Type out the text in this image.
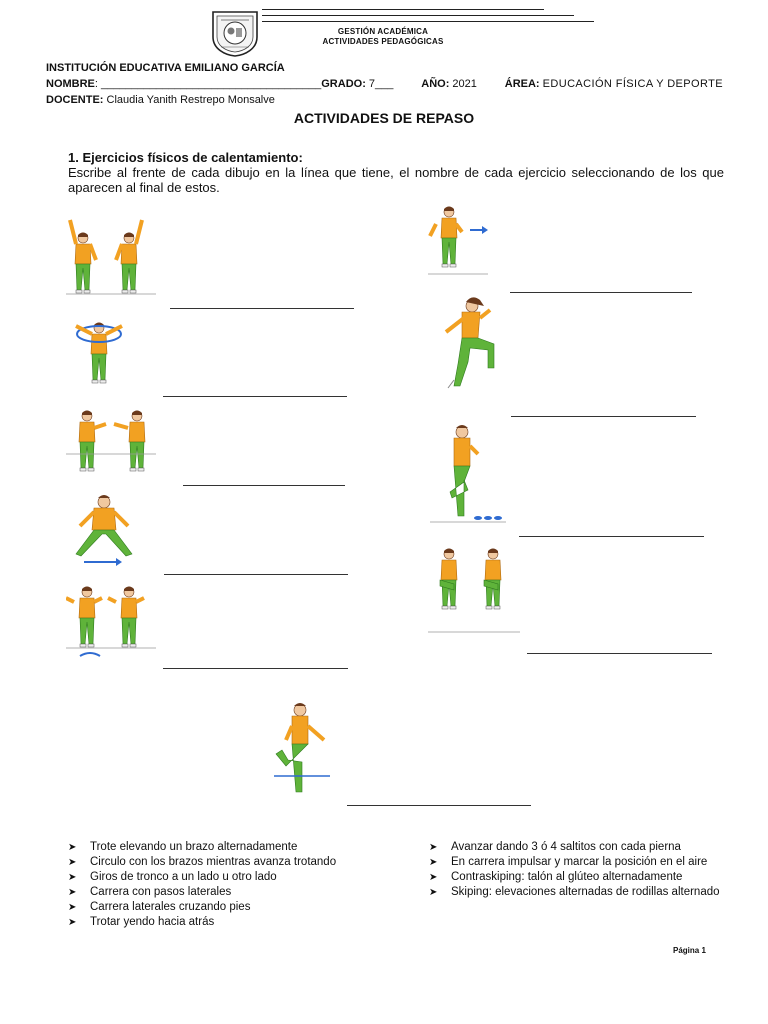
GESTIÓN ACADÉMICA
ACTIVIDADES PEDAGÓGICAS
INSTITUCIÓN EDUCATIVA EMILIANO GARCÍA
NOMBRE: ____________________________________GRADO: 7___	AÑO: 2021	ÁREA: EDUCACIÓN FÍSICA Y DEPORTE
DOCENTE: Claudia Yanith Restrepo Monsalve
ACTIVIDADES DE REPASO
1. Ejercicios físicos de calentamiento:
Escribe al frente de cada dibujo en la línea que tiene, el nombre de cada ejercicio seleccionando de los que aparecen al final de estos.
➤	Trote elevando un brazo alternadamente
➤	Circulo con los brazos mientras avanza trotando
➤	Giros de tronco a un lado u otro lado
➤	Carrera con pasos laterales
➤	Carrera laterales cruzando pies
➤	Trotar yendo hacia atrás
➤	Avanzar dando 3 ó 4 saltitos con cada pierna
➤	En carrera impulsar y marcar la posición en el aire
➤	Contraskiping: talón al glúteo alternadamente
➤	Skiping: elevaciones alternadas de rodillas alternado
Página 1
